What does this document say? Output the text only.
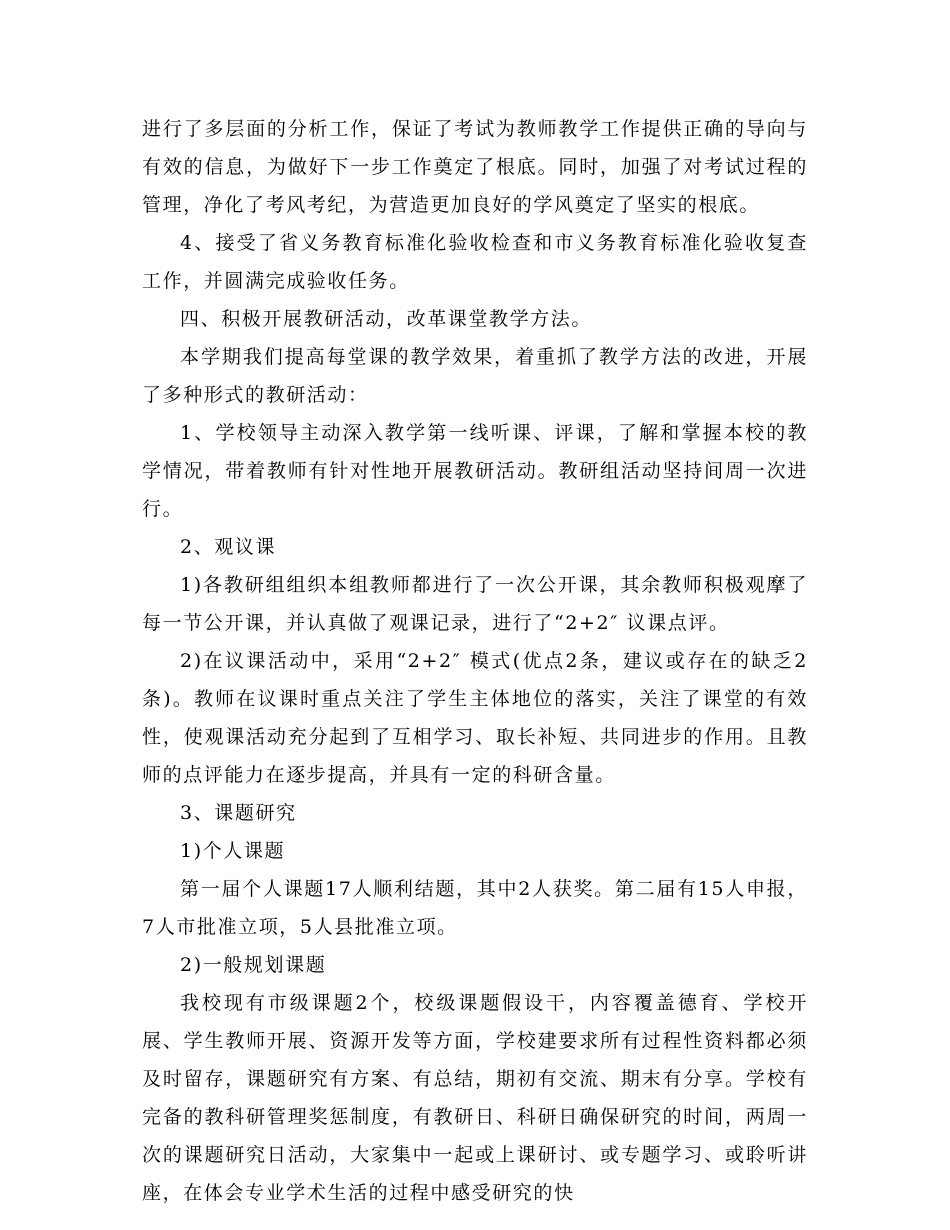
进行了多层面的分析工作，保证了考试为教师教学工作提供正确的导向与有效的信息，为做好下一步工作奠定了根底。同时，加强了对考试过程的管理，净化了考风考纪，为营造更加良好的学风奠定了坚实的根底。

4、接受了省义务教育标准化验收检查和市义务教育标准化验收复查工作，并圆满完成验收任务。

四、积极开展教研活动，改革课堂教学方法。

本学期我们提高每堂课的教学效果，着重抓了教学方法的改进，开展了多种形式的教研活动：

1、学校领导主动深入教学第一线听课、评课，了解和掌握本校的教学情况，带着教师有针对性地开展教研活动。教研组活动坚持间周一次进行。

2、观议课

1)各教研组组织本组教师都进行了一次公开课，其余教师积极观摩了每一节公开课，并认真做了观课记录，进行了“2+2″ 议课点评。

2)在议课活动中，采用“2+2″ 模式(优点2条，建议或存在的缺乏2条)。教师在议课时重点关注了学生主体地位的落实，关注了课堂的有效性，使观课活动充分起到了互相学习、取长补短、共同进步的作用。且教师的点评能力在逐步提高，并具有一定的科研含量。

3、课题研究

1)个人课题

第一届个人课题17人顺利结题，其中2人获奖。第二届有15人申报，7人市批准立项，5人县批准立项。

2)一般规划课题

我校现有市级课题2个，校级课题假设干，内容覆盖德育、学校开展、学生教师开展、资源开发等方面，学校建要求所有过程性资料都必须及时留存，课题研究有方案、有总结，期初有交流、期末有分享。学校有完备的教科研管理奖惩制度，有教研日、科研日确保研究的时间，两周一次的课题研究日活动，大家集中一起或上课研讨、或专题学习、或聆听讲座，在体会专业学术生活的过程中感受研究的快
